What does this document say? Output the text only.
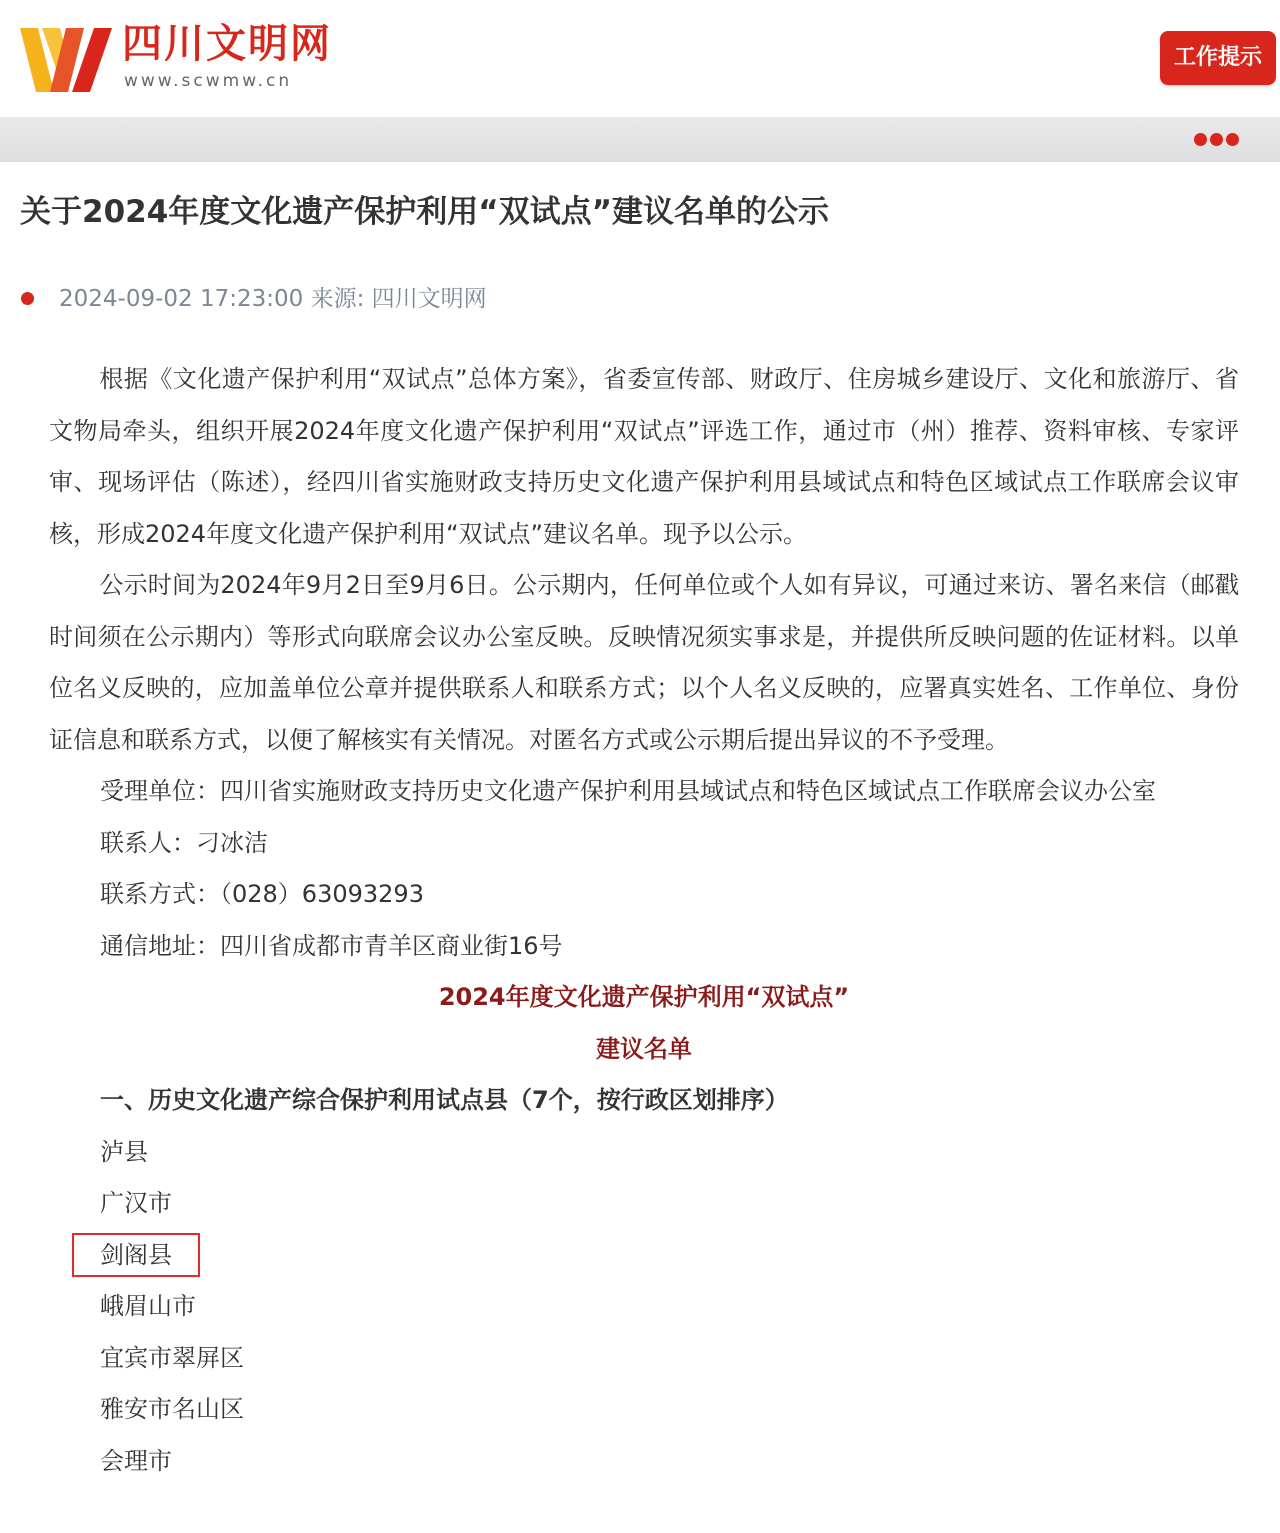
四川文明网
www.scwmw.cn
工作提示
关于2024年度文化遗产保护利用“双试点”建议名单的公示
2024-09-02 17:23:00 来源: 四川文明网

根据《文化遗产保护利用“双试点”总体方案》，省委宣传部、财政厅、住房城乡建设厅、文化和旅游厅、省文物局牵头，组织开展2024年度文化遗产保护利用“双试点”评选工作，通过市（州）推荐、资料审核、专家评审、现场评估（陈述），经四川省实施财政支持历史文化遗产保护利用县域试点和特色区域试点工作联席会议审核，形成2024年度文化遗产保护利用“双试点”建议名单。现予以公示。

公示时间为2024年9月2日至9月6日。公示期内，任何单位或个人如有异议，可通过来访、署名来信（邮戳时间须在公示期内）等形式向联席会议办公室反映。反映情况须实事求是，并提供所反映问题的佐证材料。以单位名义反映的，应加盖单位公章并提供联系人和联系方式；以个人名义反映的，应署真实姓名、工作单位、身份证信息和联系方式，以便了解核实有关情况。对匿名方式或公示期后提出异议的不予受理。

受理单位：四川省实施财政支持历史文化遗产保护利用县域试点和特色区域试点工作联席会议办公室

联系人：刁冰洁

联系方式：（028）63093293

通信地址：四川省成都市青羊区商业街16号

2024年度文化遗产保护利用“双试点”

建议名单

一、历史文化遗产综合保护利用试点县（7个，按行政区划排序）

泸县

广汉市

剑阁县

峨眉山市

宜宾市翠屏区

雅安市名山区

会理市
